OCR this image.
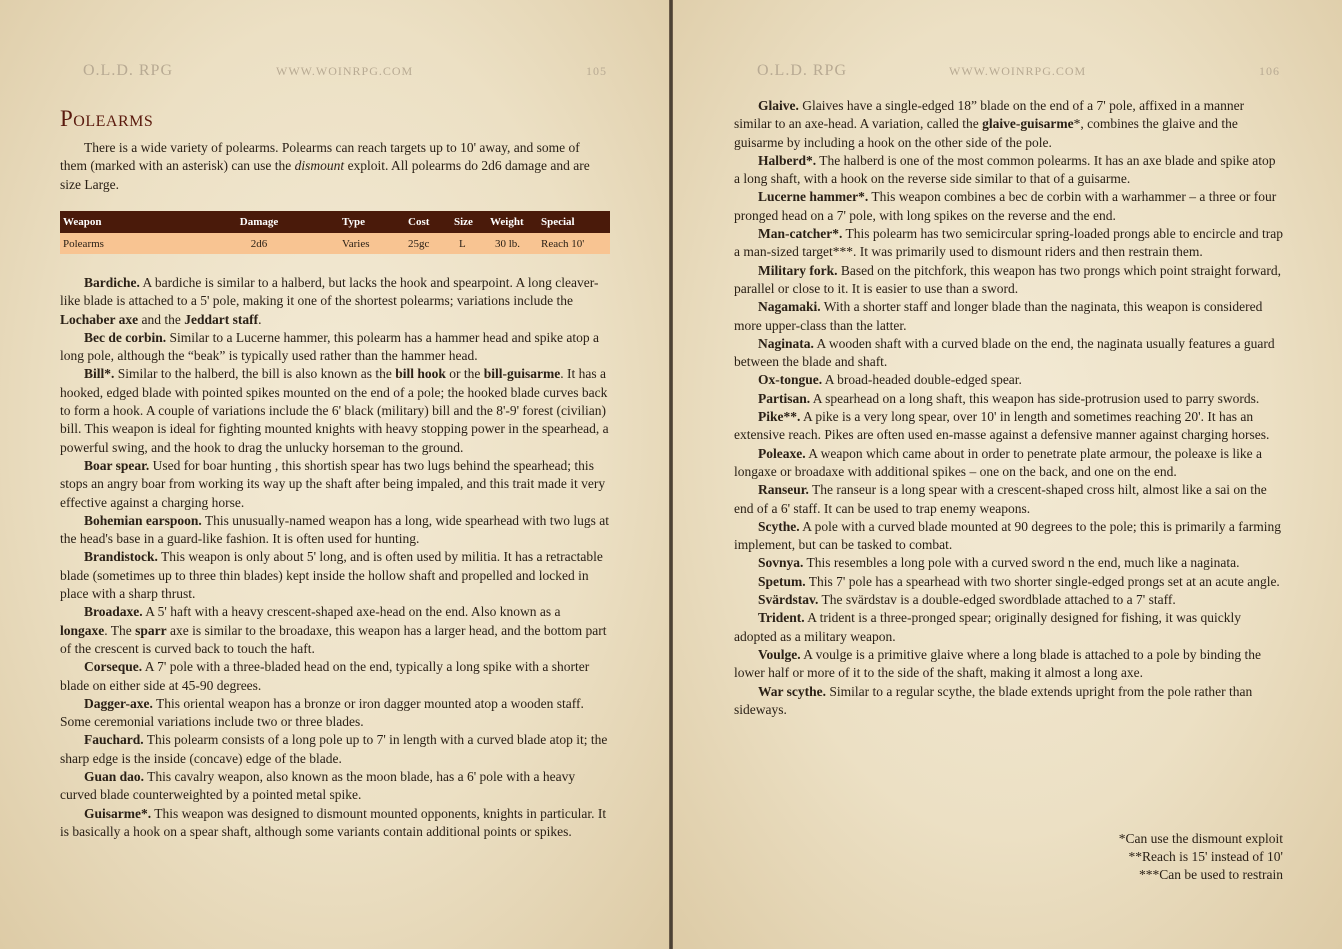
O.L.D. RPG	WWW.WOINRPG.COM	105
Polearms

There is a wide variety of polearms. Polearms can reach targets up to 10' away, and some of them (marked with an asterisk) can use the dismount exploit. All polearms do 2d6 damage and are size Large.

Weapon	Damage	Type	Cost	Size	Weight	Special
Polearms	2d6	Varies	25gc	L	30 lb.	Reach 10'

Bardiche. A bardiche is similar to a halberd, but lacks the hook and spearpoint. A long cleaver-like blade is attached to a 5' pole, making it one of the shortest polearms; variations include the Lochaber axe and the Jeddart staff.

Bec de corbin. Similar to a Lucerne hammer, this polearm has a hammer head and spike atop a long pole, although the “beak” is typically used rather than the hammer head.

Bill*. Similar to the halberd, the bill is also known as the bill hook or the bill-guisarme. It has a hooked, edged blade with pointed spikes mounted on the end of a pole; the hooked blade curves back to form a hook. A couple of variations include the 6' black (military) bill and the 8'-9' forest (civilian) bill. This weapon is ideal for fighting mounted knights with heavy stopping power in the spearhead, a powerful swing, and the hook to drag the unlucky horseman to the ground.

Boar spear. Used for boar hunting , this shortish spear has two lugs behind the spearhead; this stops an angry boar from working its way up the shaft after being impaled, and this trait made it very effective against a charging horse.

Bohemian earspoon. This unusually-named weapon has a long, wide spearhead with two lugs at the head's base in a guard-like fashion. It is often used for hunting.

Brandistock. This weapon is only about 5' long, and is often used by militia. It has a retractable blade (sometimes up to three thin blades) kept inside the hollow shaft and propelled and locked in place with a sharp thrust.

Broadaxe. A 5' haft with a heavy crescent-shaped axe-head on the end. Also known as a longaxe. The sparr axe is similar to the broadaxe, this weapon has a larger head, and the bottom part of the crescent is curved back to touch the haft.

Corseque. A 7' pole with a three-bladed head on the end, typically a long spike with a shorter blade on either side at 45-90 degrees.

Dagger-axe. This oriental weapon has a bronze or iron dagger mounted atop a wooden staff. Some ceremonial variations include two or three blades.

Fauchard. This polearm consists of a long pole up to 7' in length with a curved blade atop it; the sharp edge is the inside (concave) edge of the blade.

Guan dao. This cavalry weapon, also known as the moon blade, has a 6' pole with a heavy curved blade counterweighted by a pointed metal spike.

Guisarme*. This weapon was designed to dismount mounted opponents, knights in particular. It is basically a hook on a spear shaft, although some variants contain additional points or spikes.

O.L.D. RPG	WWW.WOINRPG.COM	106

Glaive. Glaives have a single-edged 18” blade on the end of a 7' pole, affixed in a manner similar to an axe-head. A variation, called the glaive-guisarme*, combines the glaive and the guisarme by including a hook on the other side of the pole.

Halberd*. The halberd is one of the most common polearms. It has an axe blade and spike atop a long shaft, with a hook on the reverse side similar to that of a guisarme.

Lucerne hammer*. This weapon combines a bec de corbin with a warhammer – a three or four pronged head on a 7' pole, with long spikes on the reverse and the end.

Man-catcher*. This polearm has two semicircular spring-loaded prongs able to encircle and trap a man-sized target***. It was primarily used to dismount riders and then restrain them.

Military fork. Based on the pitchfork, this weapon has two prongs which point straight forward, parallel or close to it. It is easier to use than a sword.

Nagamaki. With a shorter staff and longer blade than the naginata, this weapon is considered more upper-class than the latter.

Naginata. A wooden shaft with a curved blade on the end, the naginata usually features a guard between the blade and shaft.

Ox-tongue. A broad-headed double-edged spear.

Partisan. A spearhead on a long shaft, this weapon has side-protrusion used to parry swords.

Pike**. A pike is a very long spear, over 10' in length and sometimes reaching 20'. It has an extensive reach. Pikes are often used en-masse against a defensive manner against charging horses.

Poleaxe. A weapon which came about in order to penetrate plate armour, the poleaxe is like a longaxe or broadaxe with additional spikes – one on the back, and one on the end.

Ranseur. The ranseur is a long spear with a crescent-shaped cross hilt, almost like a sai on the end of a 6' staff. It can be used to trap enemy weapons.

Scythe. A pole with a curved blade mounted at 90 degrees to the pole; this is primarily a farming implement, but can be tasked to combat.

Sovnya. This resembles a long pole with a curved sword n the end, much like a naginata.

Spetum. This 7' pole has a spearhead with two shorter single-edged prongs set at an acute angle.

Svärdstav. The svärdstav is a double-edged swordblade attached to a 7' staff.

Trident. A trident is a three-pronged spear; originally designed for fishing, it was quickly adopted as a military weapon.

Voulge. A voulge is a primitive glaive where a long blade is attached to a pole by binding the lower half or more of it to the side of the shaft, making it almost a long axe.

War scythe. Similar to a regular scythe, the blade extends upright from the pole rather than sideways.

*Can use the dismount exploit
**Reach is 15' instead of 10'
***Can be used to restrain
